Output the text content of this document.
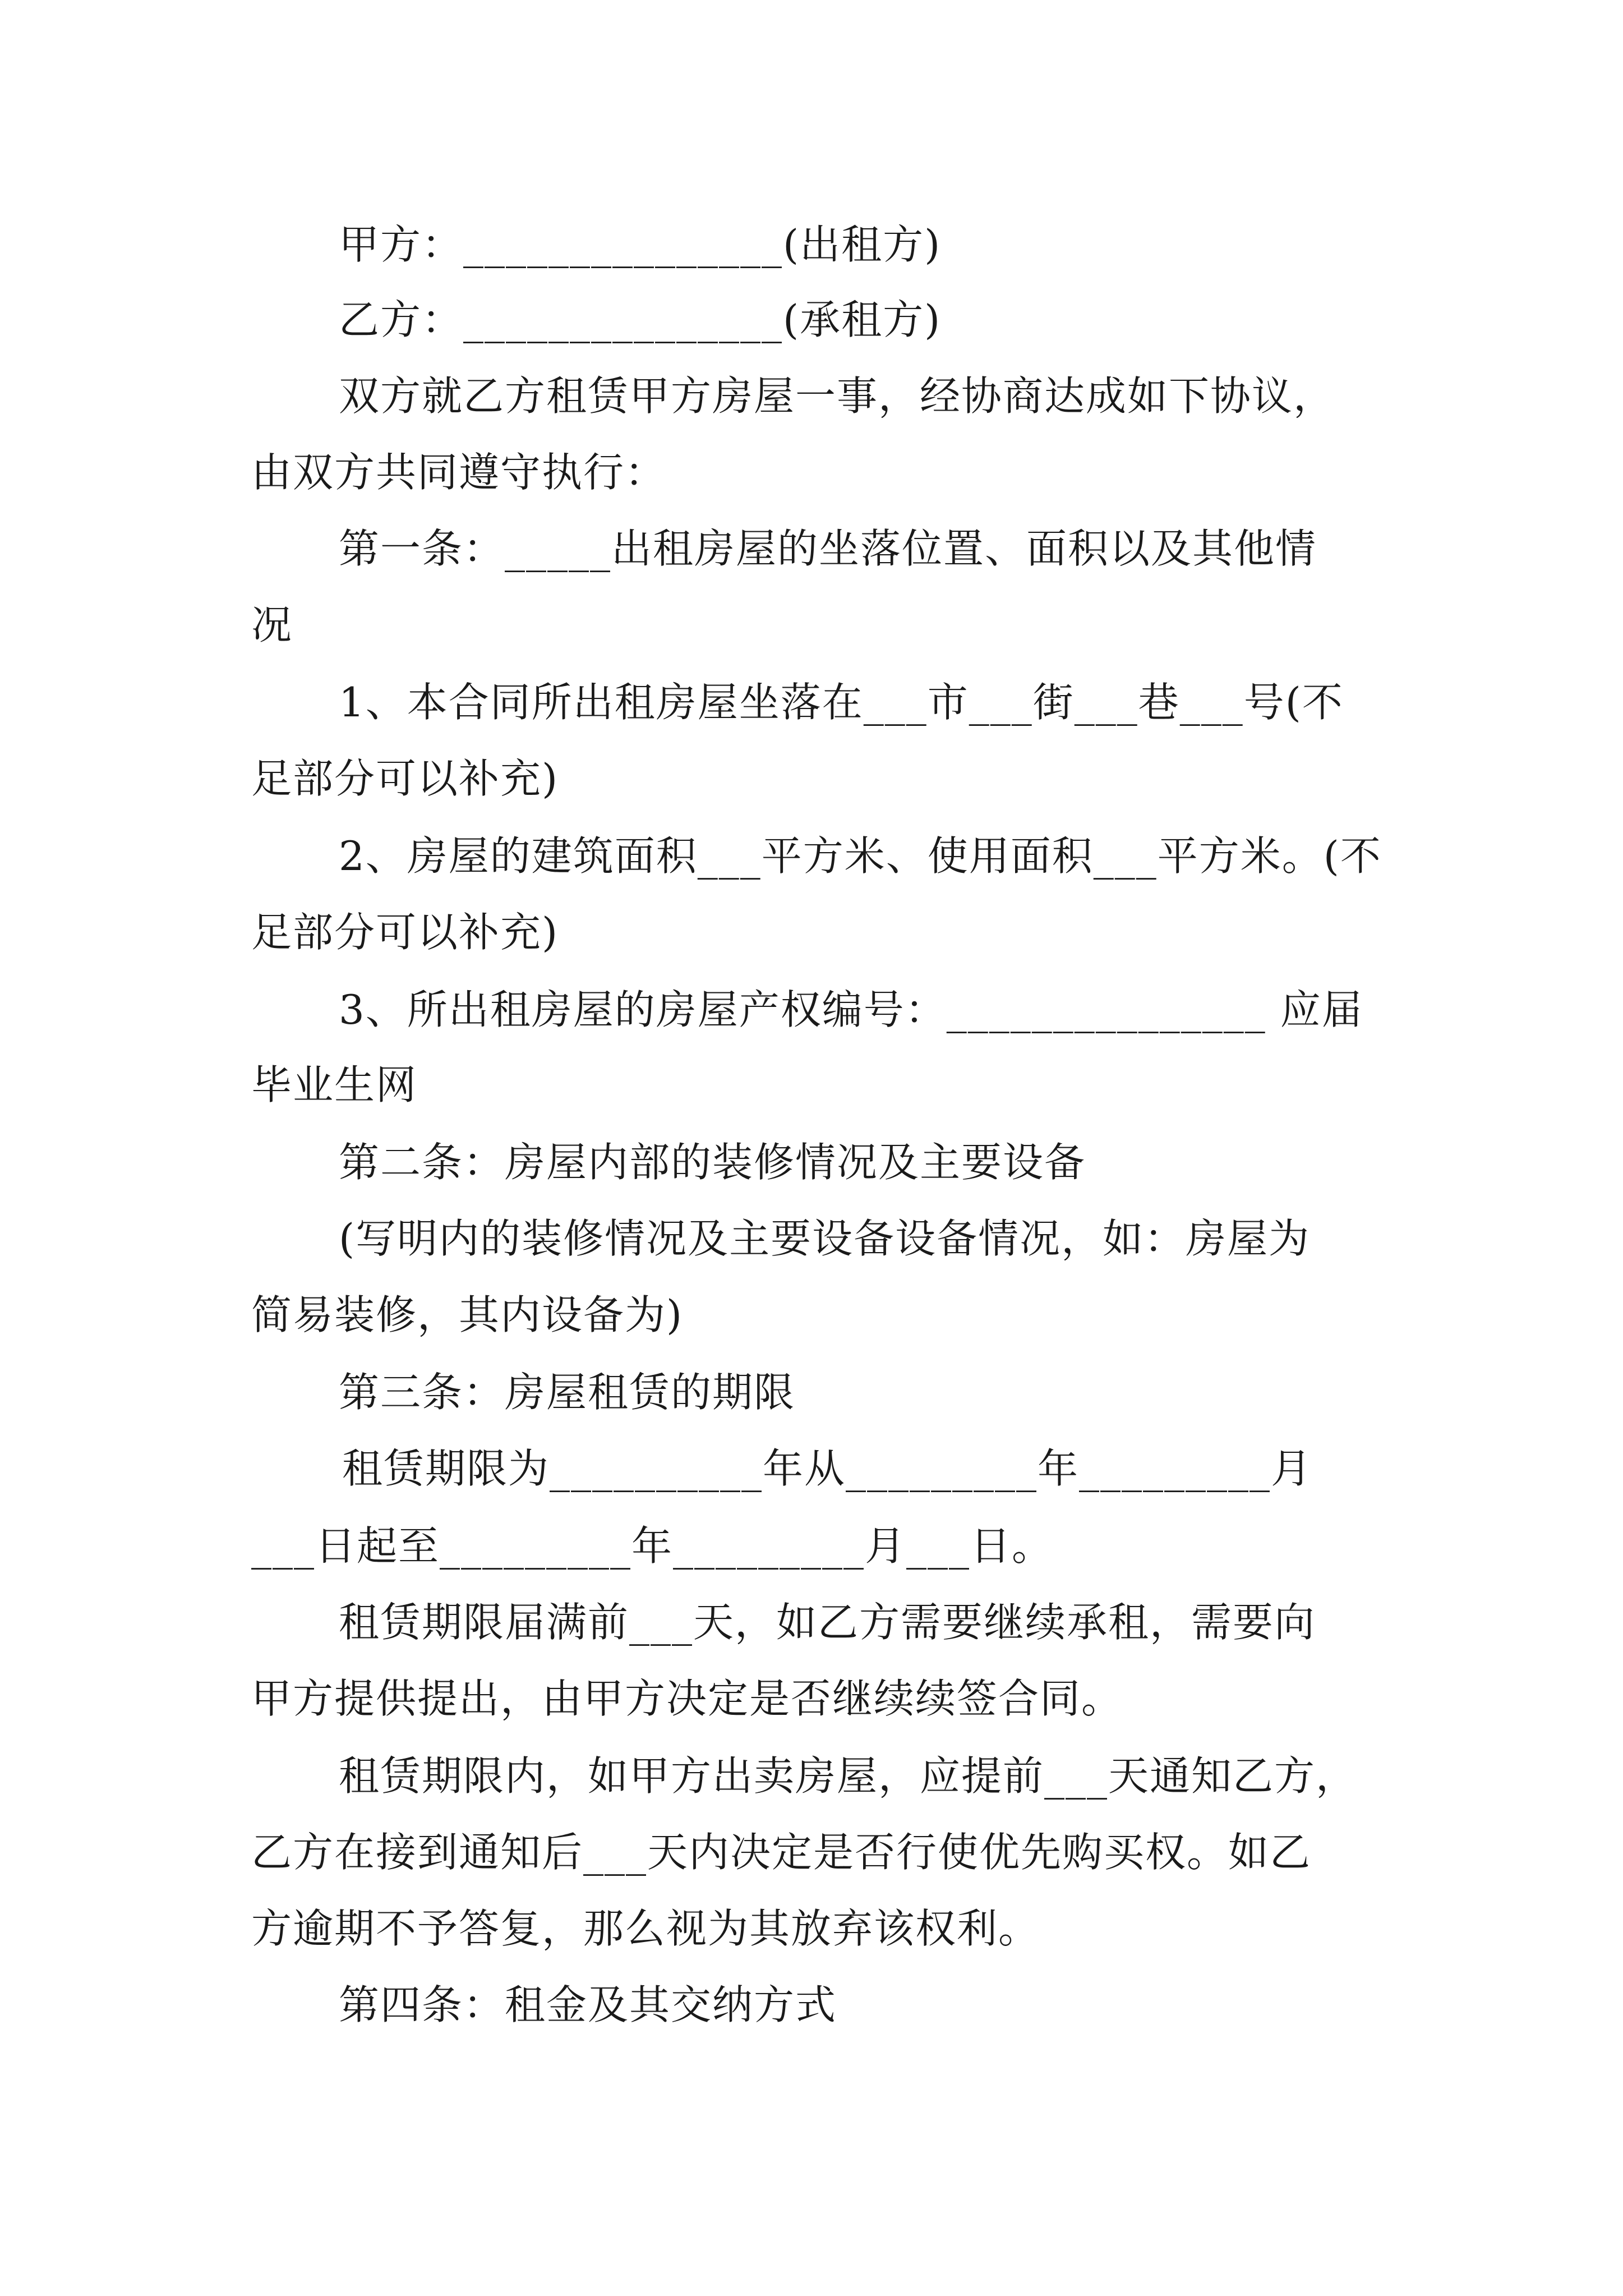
甲方：_______________(出租方)
乙方：_______________(承租方)
双方就乙方租赁甲方房屋一事，经协商达成如下协议，
由双方共同遵守执行：
第一条：_____出租房屋的坐落位置、面积以及其他情
况
1、本合同所出租房屋坐落在___市___街___巷___号(不
足部分可以补充)
2、房屋的建筑面积___平方米、使用面积___平方米。(不
足部分可以补充)
3、所出租房屋的房屋产权编号：_______________ 应届
毕业生网
第二条：房屋内部的装修情况及主要设备
(写明内的装修情况及主要设备设备情况，如：房屋为
简易装修，其内设备为)
第三条：房屋租赁的期限
租赁期限为__________年从_________年_________月
___日起至_________年_________月___日。
租赁期限届满前___天，如乙方需要继续承租，需要向
甲方提供提出，由甲方决定是否继续续签合同。
租赁期限内，如甲方出卖房屋，应提前___天通知乙方，
乙方在接到通知后___天内决定是否行使优先购买权。如乙
方逾期不予答复，那么视为其放弃该权利。
第四条：租金及其交纳方式
